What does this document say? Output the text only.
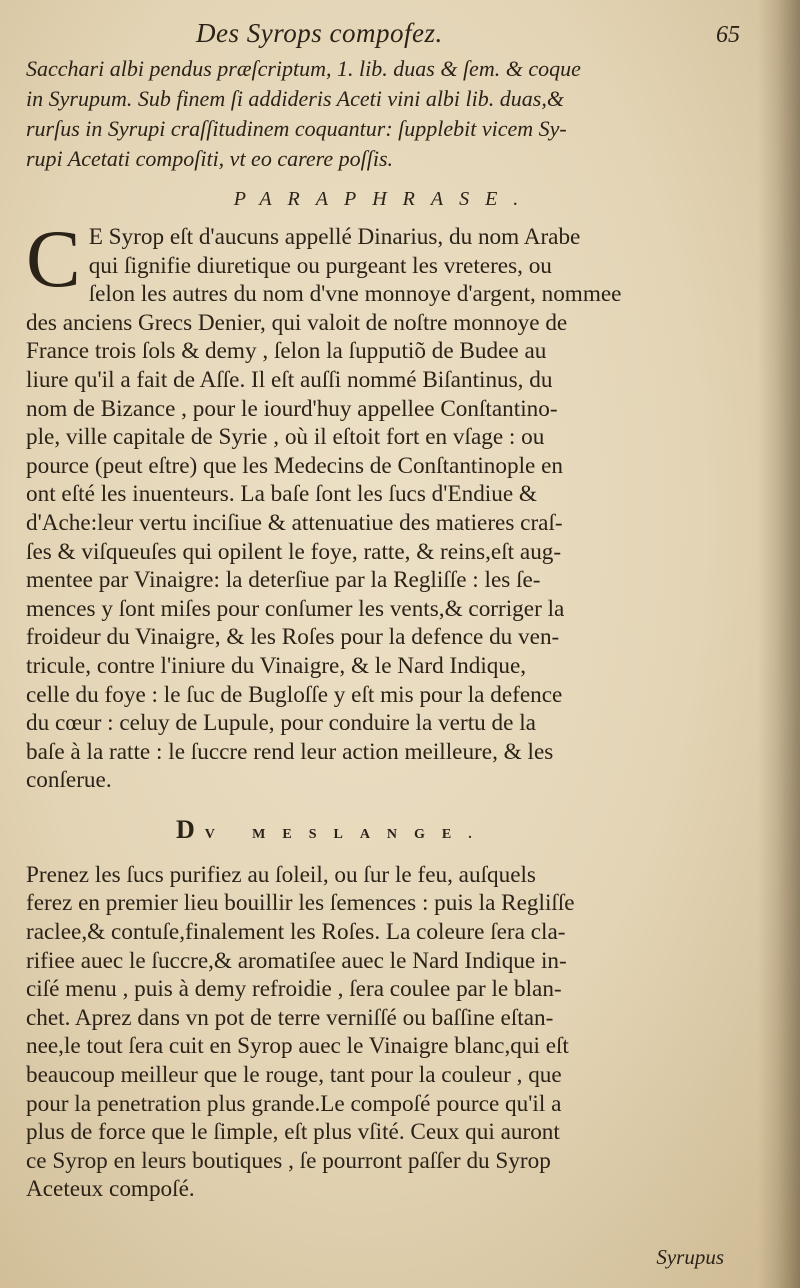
Des Syrops compofez.	65
Sacchari albi pendus præſcriptum, 1. lib. duas & ſem. & coque
in Syrupum. Sub finem ſi addideris Aceti vini albi lib. duas,&
rurſus in Syrupi craſſitudinem coquantur: ſupplebit vicem Sy-
rupi Acetati compoſiti, vt eo carere poſſis.
PARAPHRASE.
C E Syrop eſt d'aucuns appellé Dinarius, du nom Arabe
qui ſignifie diuretique ou purgeant les vreteres, ou
ſelon les autres du nom d'vne monnoye d'argent, nommee
des anciens Grecs Denier, qui valoit de noſtre monnoye de
France trois ſols & demy , ſelon la ſupputiõ de Budee au
liure qu'il a fait de Aſſe. Il eſt auſſi nommé Biſantinus, du
nom de Bizance , pour le iourd'huy appellee Conſtantino-
ple, ville capitale de Syrie , où il eſtoit fort en vſage : ou
pource (peut eſtre) que les Medecins de Conſtantinople en
ont eſté les inuenteurs. La baſe ſont les ſucs d'Endiue &
d'Ache:leur vertu inciſiue & attenuatiue des matieres craſ-
ſes & viſqueuſes qui opilent le foye, ratte, & reins,eſt aug-
mentee par Vinaigre: la deterſiue par la Regliſſe : les ſe-
mences y ſont miſes pour conſumer les vents,& corriger la
froideur du Vinaigre, & les Roſes pour la defence du ven-
tricule, contre l'iniure du Vinaigre, & le Nard Indique,
celle du foye : le ſuc de Bugloſſe y eſt mis pour la defence
du cœur : celuy de Lupule, pour conduire la vertu de la
baſe à la ratte : le ſuccre rend leur action meilleure, & les
conſerue.
DV MESLANGE.
Prenez les ſucs purifiez au ſoleil, ou ſur le feu, auſquels
ferez en premier lieu bouillir les ſemences : puis la Regliſſe
raclee,& contuſe,finalement les Roſes. La coleure ſera cla-
rifiee auec le ſuccre,& aromatiſee auec le Nard Indique in-
ciſé menu , puis à demy refroidie , ſera coulee par le blan-
chet. Aprez dans vn pot de terre verniſſé ou baſſine eſtan-
nee,le tout ſera cuit en Syrop auec le Vinaigre blanc,qui eſt
beaucoup meilleur que le rouge, tant pour la couleur , que
pour la penetration plus grande.Le compoſé pource qu'il a
plus de force que le ſimple, eſt plus vſité. Ceux qui auront
ce Syrop en leurs boutiques , ſe pourront paſſer du Syrop
Aceteux compoſé.
Syrupus
